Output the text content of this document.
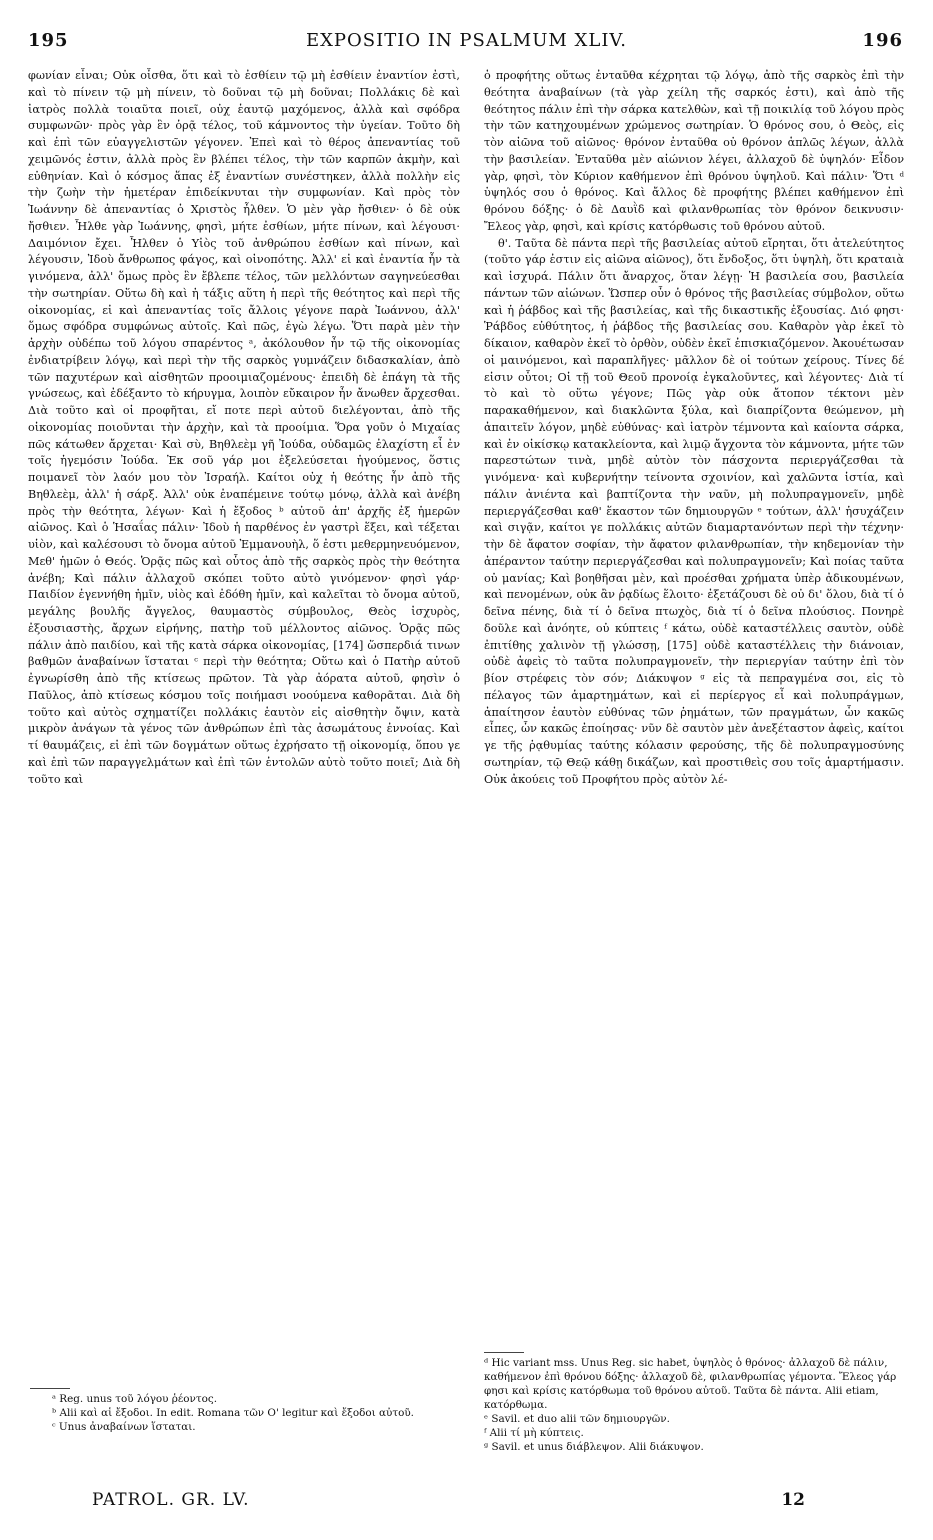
195	EXPOSITIO IN PSALMUM XLIV.	196

φωνίαν εἶναι; Οὐκ οἶσθα, ὅτι καὶ τὸ ἐσθίειν τῷ μὴ ἐσθίειν ἐναντίον ἐστὶ, καὶ τὸ πίνειν τῷ μὴ πίνειν, τὸ δοῦναι τῷ μὴ δοῦναι; Πολλάκις δὲ καὶ ἰατρὸς πολλὰ τοιαῦτα ποιεῖ, οὐχ ἑαυτῷ μαχόμενος, ἀλλὰ καὶ σφόδρα συμφωνῶν· πρὸς γὰρ ἓν ὁρᾷ τέλος, τοῦ κάμνοντος τὴν ὑγείαν. Τοῦτο δὴ καὶ ἐπὶ τῶν εὐαγγελιστῶν γέγονεν. Ἐπεὶ καὶ τὸ θέρος ἀπεναντίας τοῦ χειμῶνός ἐστιν, ἀλλὰ πρὸς ἓν βλέπει τέλος, τὴν τῶν καρπῶν ἀκμὴν, καὶ εὐθηνίαν. Καὶ ὁ κόσμος ἅπας ἐξ ἐναντίων συνέστηκεν, ἀλλὰ πολλὴν εἰς τὴν ζωὴν τὴν ἡμετέραν ἐπιδείκνυται τὴν συμφωνίαν. Καὶ πρὸς τὸν Ἰωάννην δὲ ἀπεναντίας ὁ Χριστὸς ἦλθεν. Ὁ μὲν γὰρ ἤσθιεν· ὁ δὲ οὐκ ἤσθιεν. Ἦλθε γὰρ Ἰωάννης, φησὶ, μήτε ἐσθίων, μήτε πίνων, καὶ λέγουσι· Δαιμόνιον ἔχει. Ἦλθεν ὁ Υἱὸς τοῦ ἀνθρώπου ἐσθίων καὶ πίνων, καὶ λέγουσιν, Ἰδοὺ ἄνθρωπος φάγος, καὶ οἰνοπότης. Ἀλλ' εἰ καὶ ἐναντία ἦν τὰ γινόμενα, ἀλλ' ὅμως πρὸς ἓν ἔβλεπε τέλος, τῶν μελλόντων σαγηνεύεσθαι τὴν σωτηρίαν. Οὕτω δὴ καὶ ἡ τάξις αὕτη ἡ περὶ τῆς θεότητος καὶ περὶ τῆς οἰκονομίας, εἰ καὶ ἀπεναντίας τοῖς ἄλλοις γέγονε παρὰ Ἰωάννου, ἀλλ' ὅμως σφόδρα συμφώνως αὐτοῖς. Καὶ πῶς, ἐγὼ λέγω. Ὅτι παρὰ μὲν τὴν ἀρχὴν οὐδέπω τοῦ λόγου σπαρέντος ᵃ, ἀκόλουθον ἦν τῷ τῆς οἰκονομίας ἐνδιατρίβειν λόγῳ, καὶ περὶ τὴν τῆς σαρκὸς γυμνάζειν διδασκαλίαν, ἀπὸ τῶν παχυτέρων καὶ αἰσθητῶν προοιμιαζομένους· ἐπειδὴ δὲ ἐπάγη τὰ τῆς γνώσεως, καὶ ἐδέξαντο τὸ κήρυγμα, λοιπὸν εὔκαιρον ἦν ἄνωθεν ἄρχεσθαι. Διὰ τοῦτο καὶ οἱ προφῆται, εἴ ποτε περὶ αὐτοῦ διελέγονται, ἀπὸ τῆς οἰκονομίας ποιοῦνται τὴν ἀρχὴν, καὶ τὰ προοίμια. Ὅρα γοῦν ὁ Μιχαίας πῶς κάτωθεν ἄρχεται· Καὶ σὺ, Βηθλεὲμ γῆ Ἰούδα, οὐδαμῶς ἐλαχίστη εἶ ἐν τοῖς ἡγεμόσιν Ἰούδα. Ἐκ σοῦ γάρ μοι ἐξελεύσεται ἡγούμενος, ὅστις ποιμανεῖ τὸν λαόν μου τὸν Ἰσραήλ. Καίτοι οὐχ ἡ θεότης ἦν ἀπὸ τῆς Βηθλεὲμ, ἀλλ' ἡ σάρξ. Ἀλλ' οὐκ ἐναπέμεινε τούτῳ μόνῳ, ἀλλὰ καὶ ἀνέβη πρὸς τὴν θεότητα, λέγων· Καὶ ἡ ἔξοδος ᵇ αὐτοῦ ἀπ' ἀρχῆς ἐξ ἡμερῶν αἰῶνος. Καὶ ὁ Ἡσαΐας πάλιν· Ἰδοὺ ἡ παρθένος ἐν γαστρὶ ἕξει, καὶ τέξεται υἱὸν, καὶ καλέσουσι τὸ ὄνομα αὐτοῦ Ἐμμανουὴλ, ὅ ἐστι μεθερμηνευόμενον, Μεθ' ἡμῶν ὁ Θεός. Ὁρᾷς πῶς καὶ οὗτος ἀπὸ τῆς σαρκὸς πρὸς τὴν θεότητα ἀνέβη; Καὶ πάλιν ἀλλαχοῦ σκόπει τοῦτο αὐτὸ γινόμενον· φησὶ γάρ· Παιδίον ἐγεννήθη ἡμῖν, υἱὸς καὶ ἐδόθη ἡμῖν, καὶ καλεῖται τὸ ὄνομα αὐτοῦ, μεγάλης βουλῆς ἄγγελος, θαυμαστὸς σύμβουλος, Θεὸς ἰσχυρὸς, ἐξουσιαστὴς, ἄρχων εἰρήνης, πατὴρ τοῦ μέλλοντος αἰῶνος. Ὁρᾷς πῶς πάλιν ἀπὸ παιδίου, καὶ τῆς κατὰ σάρκα οἰκονομίας, [174] ὥσπερδιά τινων βαθμῶν ἀναβαίνων ἵσταται ᶜ περὶ τὴν θεότητα; Οὕτω καὶ ὁ Πατὴρ αὐτοῦ ἐγνωρίσθη ἀπὸ τῆς κτίσεως πρῶτον. Τὰ γὰρ ἀόρατα αὐτοῦ, φησὶν ὁ Παῦλος, ἀπὸ κτίσεως κόσμου τοῖς ποιήμασι νοούμενα καθορᾶται. Διὰ δὴ τοῦτο καὶ αὐτὸς σχηματίζει πολλάκις ἑαυτὸν εἰς αἰσθητὴν ὄψιν, κατὰ μικρὸν ἀνάγων τὰ γένος τῶν ἀνθρώπων ἐπὶ τὰς ἀσωμάτους ἐννοίας. Καὶ τί θαυμάζεις, εἰ ἐπὶ τῶν δογμάτων οὕτως ἐχρήσατο τῇ οἰκονομίᾳ, ὅπου γε καὶ ἐπὶ τῶν παραγγελμάτων καὶ ἐπὶ τῶν ἐντολῶν αὐτὸ τοῦτο ποιεῖ; Διὰ δὴ τοῦτο καὶ

ὁ προφήτης οὕτως ἐνταῦθα κέχρηται τῷ λόγῳ, ἀπὸ τῆς σαρκὸς ἐπὶ τὴν θεότητα ἀναβαίνων (τὰ γὰρ χείλη τῆς σαρκός ἐστι), καὶ ἀπὸ τῆς θεότητος πάλιν ἐπὶ τὴν σάρκα κατελθὼν, καὶ τῇ ποικιλίᾳ τοῦ λόγου πρὸς τὴν τῶν κατηχουμένων χρώμενος σωτηρίαν. Ὁ θρόνος σου, ὁ Θεὸς, εἰς τὸν αἰῶνα τοῦ αἰῶνος· θρόνον ἐνταῦθα οὐ θρόνον ἁπλῶς λέγων, ἀλλὰ τὴν βασιλείαν. Ἐνταῦθα μὲν αἰώνιον λέγει, ἀλλαχοῦ δὲ ὑψηλόν· Εἶδον γὰρ, φησὶ, τὸν Κύριον καθήμενον ἐπὶ θρόνου ὑψηλοῦ. Καὶ πάλιν· Ὅτι ᵈ ὑψηλός σου ὁ θρόνος. Καὶ ἄλλος δὲ προφήτης βλέπει καθήμενον ἐπὶ θρόνου δόξης· ὁ δὲ Δαυῒδ καὶ φιλανθρωπίας τὸν θρόνον δεικνυσιν· Ἔλεος γὰρ, φησὶ, καὶ κρίσις κατόρθωσις τοῦ θρόνου αὐτοῦ.

θ'. Ταῦτα δὲ πάντα περὶ τῆς βασιλείας αὐτοῦ εἴρηται, ὅτι ἀτελεύτητος (τοῦτο γάρ ἐστιν εἰς αἰῶνα αἰῶνος), ὅτι ἔνδοξος, ὅτι ὑψηλὴ, ὅτι κραταιὰ καὶ ἰσχυρά. Πάλιν ὅτι ἄναρχος, ὅταν λέγῃ· Ἡ βασιλεία σου, βασιλεία πάντων τῶν αἰώνων. Ὥσπερ οὖν ὁ θρόνος τῆς βασιλείας σύμβολον, οὕτω καὶ ἡ ῥάβδος καὶ τῆς βασιλείας, καὶ τῆς δικαστικῆς ἐξουσίας. Διό φησι· Ῥάβδος εὐθύτητος, ἡ ῥάβδος τῆς βασιλείας σου. Καθαρὸν γὰρ ἐκεῖ τὸ δίκαιον, καθαρὸν ἐκεῖ τὸ ὀρθὸν, οὐδὲν ἐκεῖ ἐπισκιαζόμενον. Ἀκουέτωσαν οἱ μαινόμενοι, καὶ παραπλῆγες· μᾶλλον δὲ οἱ τούτων χείρους. Τίνες δέ εἰσιν οὗτοι; Οἱ τῇ τοῦ Θεοῦ προνοίᾳ ἐγκαλοῦντες, καὶ λέγοντες· Διὰ τί τὸ καὶ τὸ οὕτω γέγονε; Πῶς γὰρ οὐκ ἄτοπον τέκτονι μὲν παρακαθήμενον, καὶ διακλῶντα ξύλα, καὶ διαπρίζοντα θεώμενον, μὴ ἀπαιτεῖν λόγον, μηδὲ εὐθύνας· καὶ ἰατρὸν τέμνοντα καὶ καίοντα σάρκα, καὶ ἐν οἰκίσκῳ κατακλείοντα, καὶ λιμῷ ἄγχοντα τὸν κάμνοντα, μήτε τῶν παρεστώτων τινὰ, μηδὲ αὐτὸν τὸν πάσχοντα περιεργάζεσθαι τὰ γινόμενα· καὶ κυβερνήτην τείνοντα σχοινίον, καὶ χαλῶντα ἱστία, καὶ πάλιν ἀνιέντα καὶ βαπτίζοντα τὴν ναῦν, μὴ πολυπραγμονεῖν, μηδὲ περιεργάζεσθαι καθ' ἕκαστον τῶν δημιουργῶν ᵉ τούτων, ἀλλ' ἡσυχάζειν καὶ σιγᾷν, καίτοι γε πολλάκις αὐτῶν διαμαρτανόντων περὶ τὴν τέχνην· τὴν δὲ ἄφατον σοφίαν, τὴν ἄφατον φιλανθρωπίαν, τὴν κηδεμονίαν τὴν ἀπέραντον ταύτην περιεργάζεσθαι καὶ πολυπραγμονεῖν; Καὶ ποίας ταῦτα οὐ μανίας; Καὶ βοηθῆσαι μὲν, καὶ προέσθαι χρήματα ὑπὲρ ἀδικουμένων, καὶ πενομένων, οὐκ ἂν ῥᾳδίως ἕλοιτο· ἐξετάζουσι δὲ οὐ δι' ὅλου, διὰ τί ὁ δεῖνα πένης, διὰ τί ὁ δεῖνα πτωχὸς, διὰ τί ὁ δεῖνα πλούσιος. Πονηρὲ δοῦλε καὶ ἀνόητε, οὐ κύπτεις ᶠ κάτω, οὐδὲ καταστέλλεις σαυτὸν, οὐδὲ ἐπιτίθης χαλινὸν τῇ γλώσσῃ, [175] οὐδὲ καταστέλλεις τὴν διάνοιαν, οὐδὲ ἀφεὶς τὸ ταῦτα πολυπραγμονεῖν, τὴν περιεργίαν ταύτην ἐπὶ τὸν βίον στρέφεις τὸν σόν; Διάκυψον ᵍ εἰς τὰ πεπραγμένα σοι, εἰς τὸ πέλαγος τῶν ἁμαρτημάτων, καὶ εἰ περίεργος εἶ καὶ πολυπράγμων, ἀπαίτησον ἑαυτὸν εὐθύνας τῶν ῥημάτων, τῶν πραγμάτων, ὧν κακῶς εἶπες, ὧν κακῶς ἐποίησας· νῦν δὲ σαυτὸν μὲν ἀνεξέταστον ἀφεὶς, καίτοι γε τῆς ῥᾳθυμίας ταύτης κόλασιν φερούσης, τῆς δὲ πολυπραγμοσύνης σωτηρίαν, τῷ Θεῷ κάθῃ δικάζων, καὶ προστιθεὶς σου τοῖς ἁμαρτήμασιν. Οὐκ ἀκούεις τοῦ Προφήτου πρὸς αὐτὸν λέ-

ᵃ Reg. unus τοῦ λόγου ῥέοντος.

ᵇ Alii καὶ αἱ ἔξοδοι. In edit. Romana τῶν Ο' legitur καὶ ἔξοδοι αὐτοῦ.

ᶜ Unus ἀναβαίνων ἵσταται.

ᵈ Hic variant mss. Unus Reg. sic habet, ὑψηλὸς ὁ θρόνος· ἀλλαχοῦ δὲ πάλιν, καθήμενον ἐπὶ θρόνου δόξης· ἀλλαχοῦ δὲ, φιλανθρωπίας γέμοντα. Ἔλεος γάρ φησι καὶ κρίσις κατόρθωμα τοῦ θρόνου αὐτοῦ. Ταῦτα δὲ πάντα. Alii etiam, κατόρθωμα.

ᵉ Savil. et duo alii τῶν δημιουργῶν.

ᶠ Alii τί μὴ κύπτεις.

ᵍ Savil. et unus διάβλεψον. Alii διάκυψον.

PATROL. GR. LV.	12
